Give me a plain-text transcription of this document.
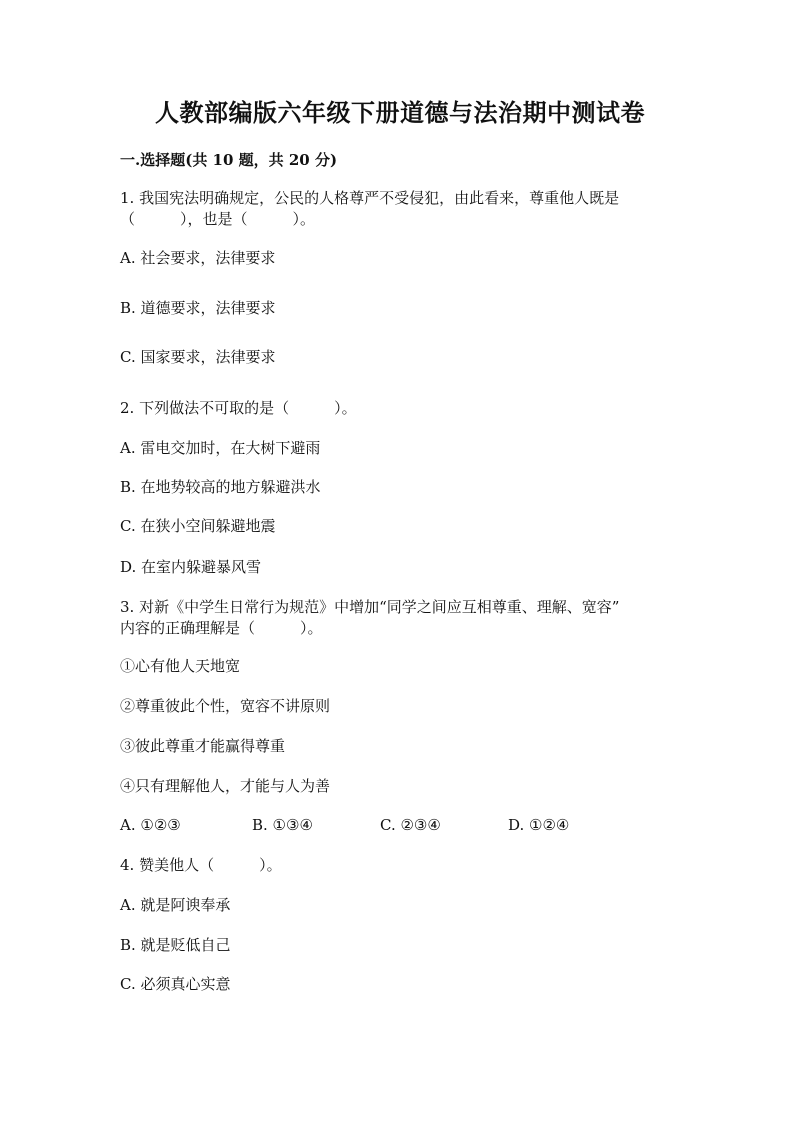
人教部编版六年级下册道德与法治期中测试卷
一.选择题(共 10 题，共 20 分)
1. 我国宪法明确规定，公民的人格尊严不受侵犯，由此看来，尊重他人既是
（　　　），也是（　　　）。
A. 社会要求，法律要求
B. 道德要求，法律要求
C. 国家要求，法律要求
2. 下列做法不可取的是（　　　）。
A. 雷电交加时，在大树下避雨
B. 在地势较高的地方躲避洪水
C. 在狭小空间躲避地震
D. 在室内躲避暴风雪
3. 对新《中学生日常行为规范》中增加“同学之间应互相尊重、理解、宽容”
内容的正确理解是（　　　）。
①心有他人天地宽
②尊重彼此个性，宽容不讲原则
③彼此尊重才能赢得尊重
④只有理解他人，才能与人为善
A. ①②③	B. ①③④	C. ②③④	D. ①②④
4. 赞美他人（　　　）。
A. 就是阿谀奉承
B. 就是贬低自己
C. 必须真心实意
